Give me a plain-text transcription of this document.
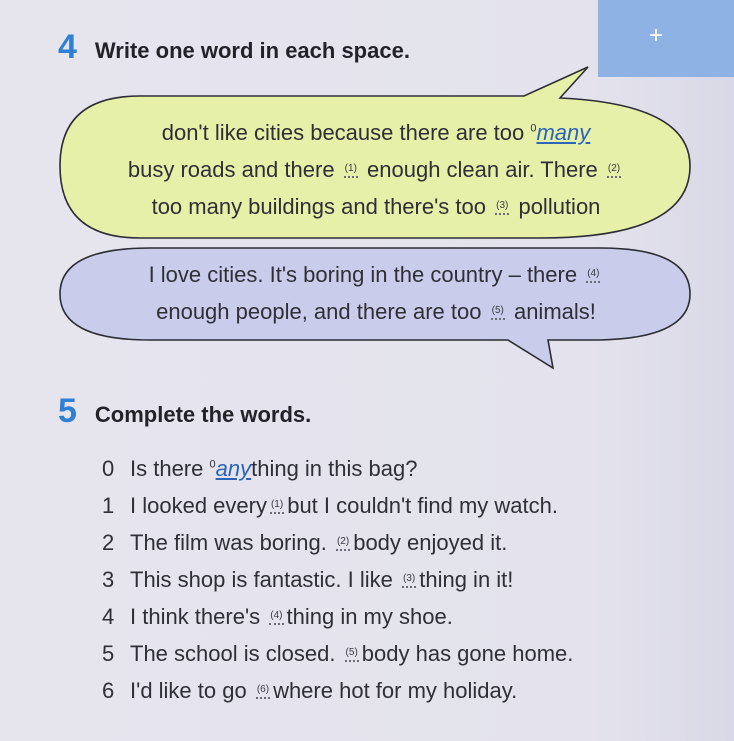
+
4 Write one word in each space.
don't like cities because there are too $^0$many
busy roads and there (1) enough clean air. There (2)
too many buildings and there's too (3) pollution
I love cities. It's boring in the country – there (4)
enough people, and there are too (5) animals!
5 Complete the words.
0 Is there $^0$anything in this bag?
1 I looked every (1) but I couldn't find my watch.
2 The film was boring. (2) body enjoyed it.
3 This shop is fantastic. I like (3) thing in it!
4 I think there's (4) thing in my shoe.
5 The school is closed. (5) body has gone home.
6 I'd like to go (6) where hot for my holiday.
